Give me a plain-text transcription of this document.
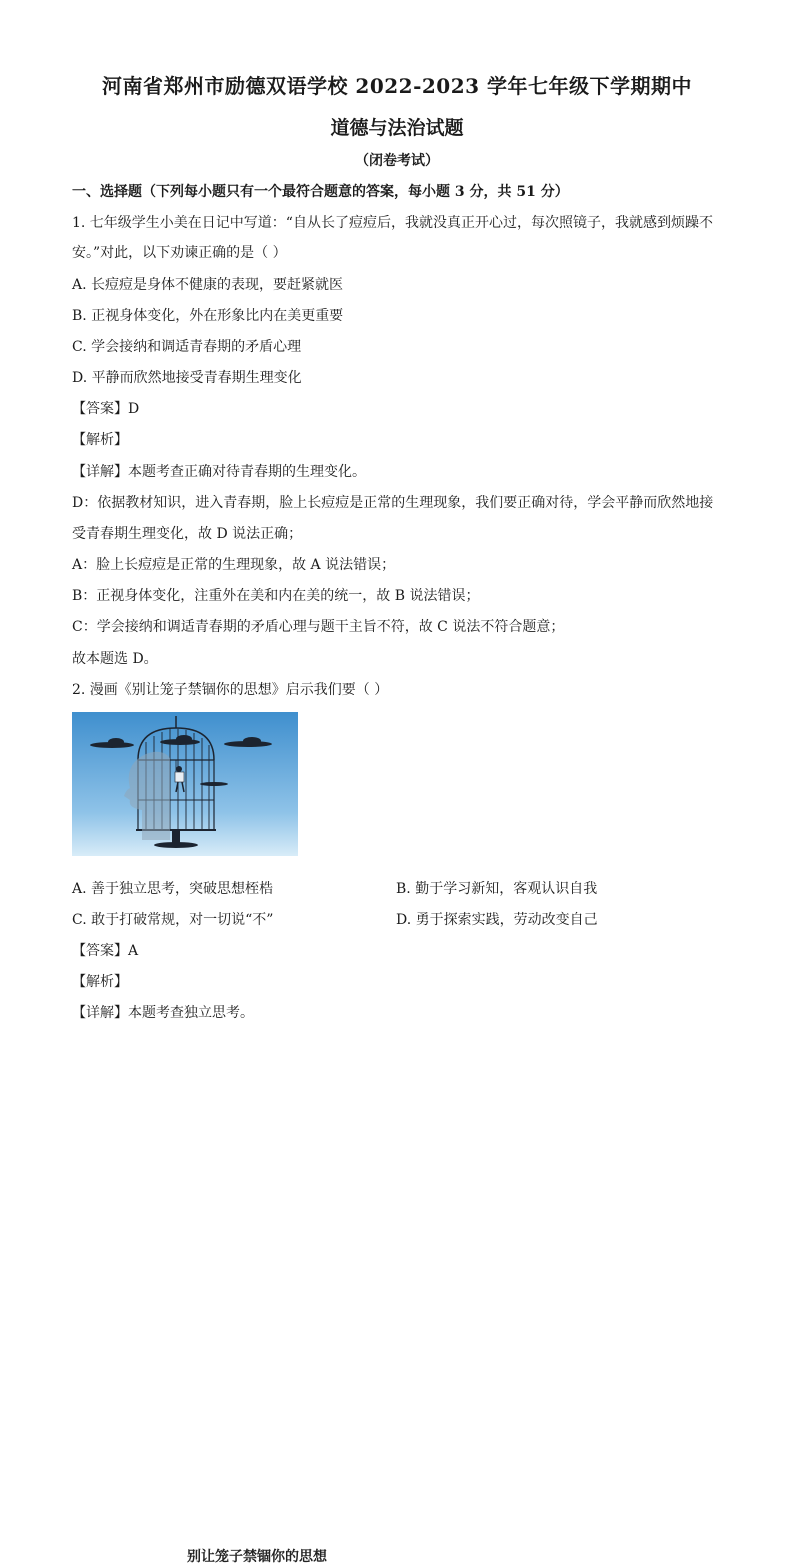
河南省郑州市励德双语学校 2022-2023 学年七年级下学期期中
道德与法治试题
（闭卷考试）
一、选择题（下列每小题只有一个最符合题意的答案，每小题 3 分，共 51 分）
1. 七年级学生小美在日记中写道：“自从长了痘痘后，我就没真正开心过，每次照镜子，我就感到烦躁不
安。”对此，以下劝谏正确的是（ ）
A. 长痘痘是身体不健康的表现，要赶紧就医
B. 正视身体变化，外在形象比内在美更重要
C. 学会接纳和调适青春期的矛盾心理
D. 平静而欣然地接受青春期生理变化
【答案】D
【解析】
【详解】本题考查正确对待青春期的生理变化。
D：依据教材知识，进入青春期，脸上长痘痘是正常的生理现象，我们要正确对待，学会平静而欣然地接
受青春期生理变化，故 D 说法正确；
A：脸上长痘痘是正常的生理现象，故 A 说法错误；
B：正视身体变化，注重外在美和内在美的统一，故 B 说法错误；
C：学会接纳和调适青春期的矛盾心理与题干主旨不符，故 C 说法不符合题意；
故本题选 D。
2. 漫画《别让笼子禁锢你的思想》启示我们要（ ）
别让笼子禁锢你的思想
A. 善于独立思考，突破思想桎梏	B. 勤于学习新知，客观认识自我
C. 敢于打破常规，对一切说“不”	D. 勇于探索实践，劳动改变自己
【答案】A
【解析】
【详解】本题考查独立思考。
